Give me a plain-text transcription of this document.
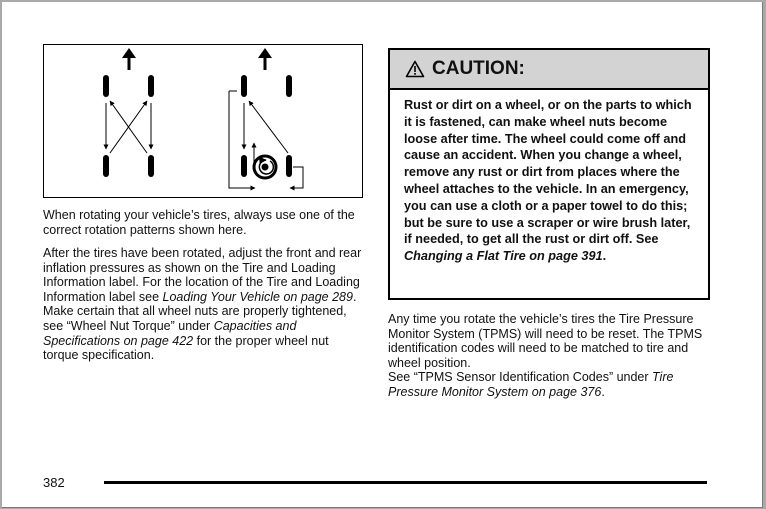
When rotating your vehicle’s tires, always use one of the correct rotation patterns shown here.

After the tires have been rotated, adjust the front and rear inflation pressures as shown on the Tire and Loading Information label. For the location of the Tire and Loading Information label see Loading Your Vehicle on page 289. Make certain that all wheel nuts are properly tightened, see “Wheel Nut Torque” under Capacities and Specifications on page 422 for the proper wheel nut torque specification.

CAUTION:
Rust or dirt on a wheel, or on the parts to which it is fastened, can make wheel nuts become loose after time. The wheel could come off and cause an accident. When you change a wheel, remove any rust or dirt from places where the wheel attaches to the vehicle. In an emergency, you can use a cloth or a paper towel to do this; but be sure to use a scraper or wire brush later, if needed, to get all the rust or dirt off. See Changing a Flat Tire on page 391.

Any time you rotate the vehicle’s tires the Tire Pressure Monitor System (TPMS) will need to be reset. The TPMS identification codes will need to be matched to tire and wheel position.
See “TPMS Sensor Identification Codes” under Tire Pressure Monitor System on page 376.

382
